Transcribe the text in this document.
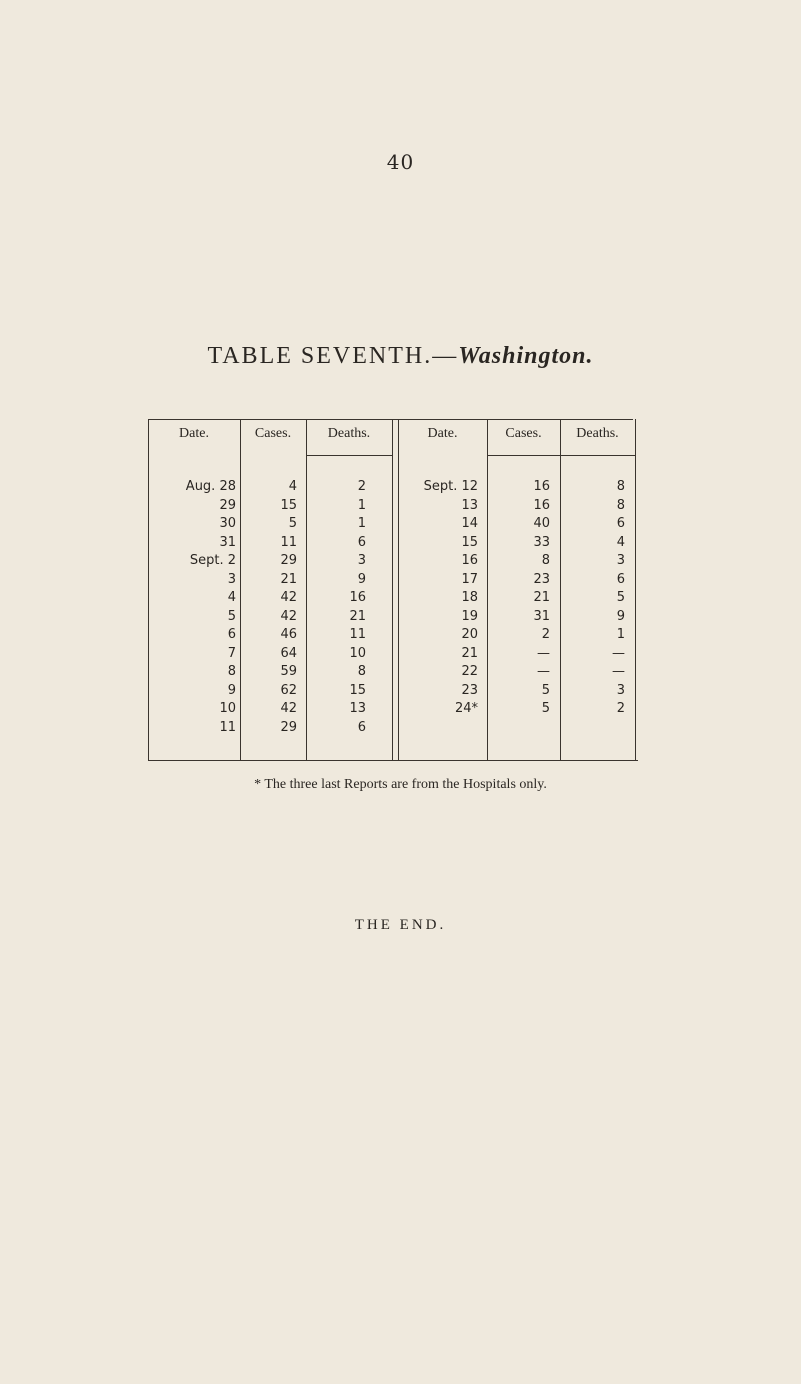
40
TABLE SEVENTH.—Washington.
Date.	Cases.	Deaths.	Date.	Cases.	Deaths.
Aug. 28	4	2	Sept. 12	16	8
29	15	1	13	16	8
30	5	1	14	40	6
31	11	6	15	33	4
Sept. 2	29	3	16	8	3
3	21	9	17	23	6
4	42	16	18	21	5
5	42	21	19	31	9
6	46	11	20	2	1
7	64	10	21	—	—
8	59	8	22	—	—
9	62	15	23	5	3
10	42	13	24*	5	2
11	29	6
* The three last Reports are from the Hospitals only.
THE END.
